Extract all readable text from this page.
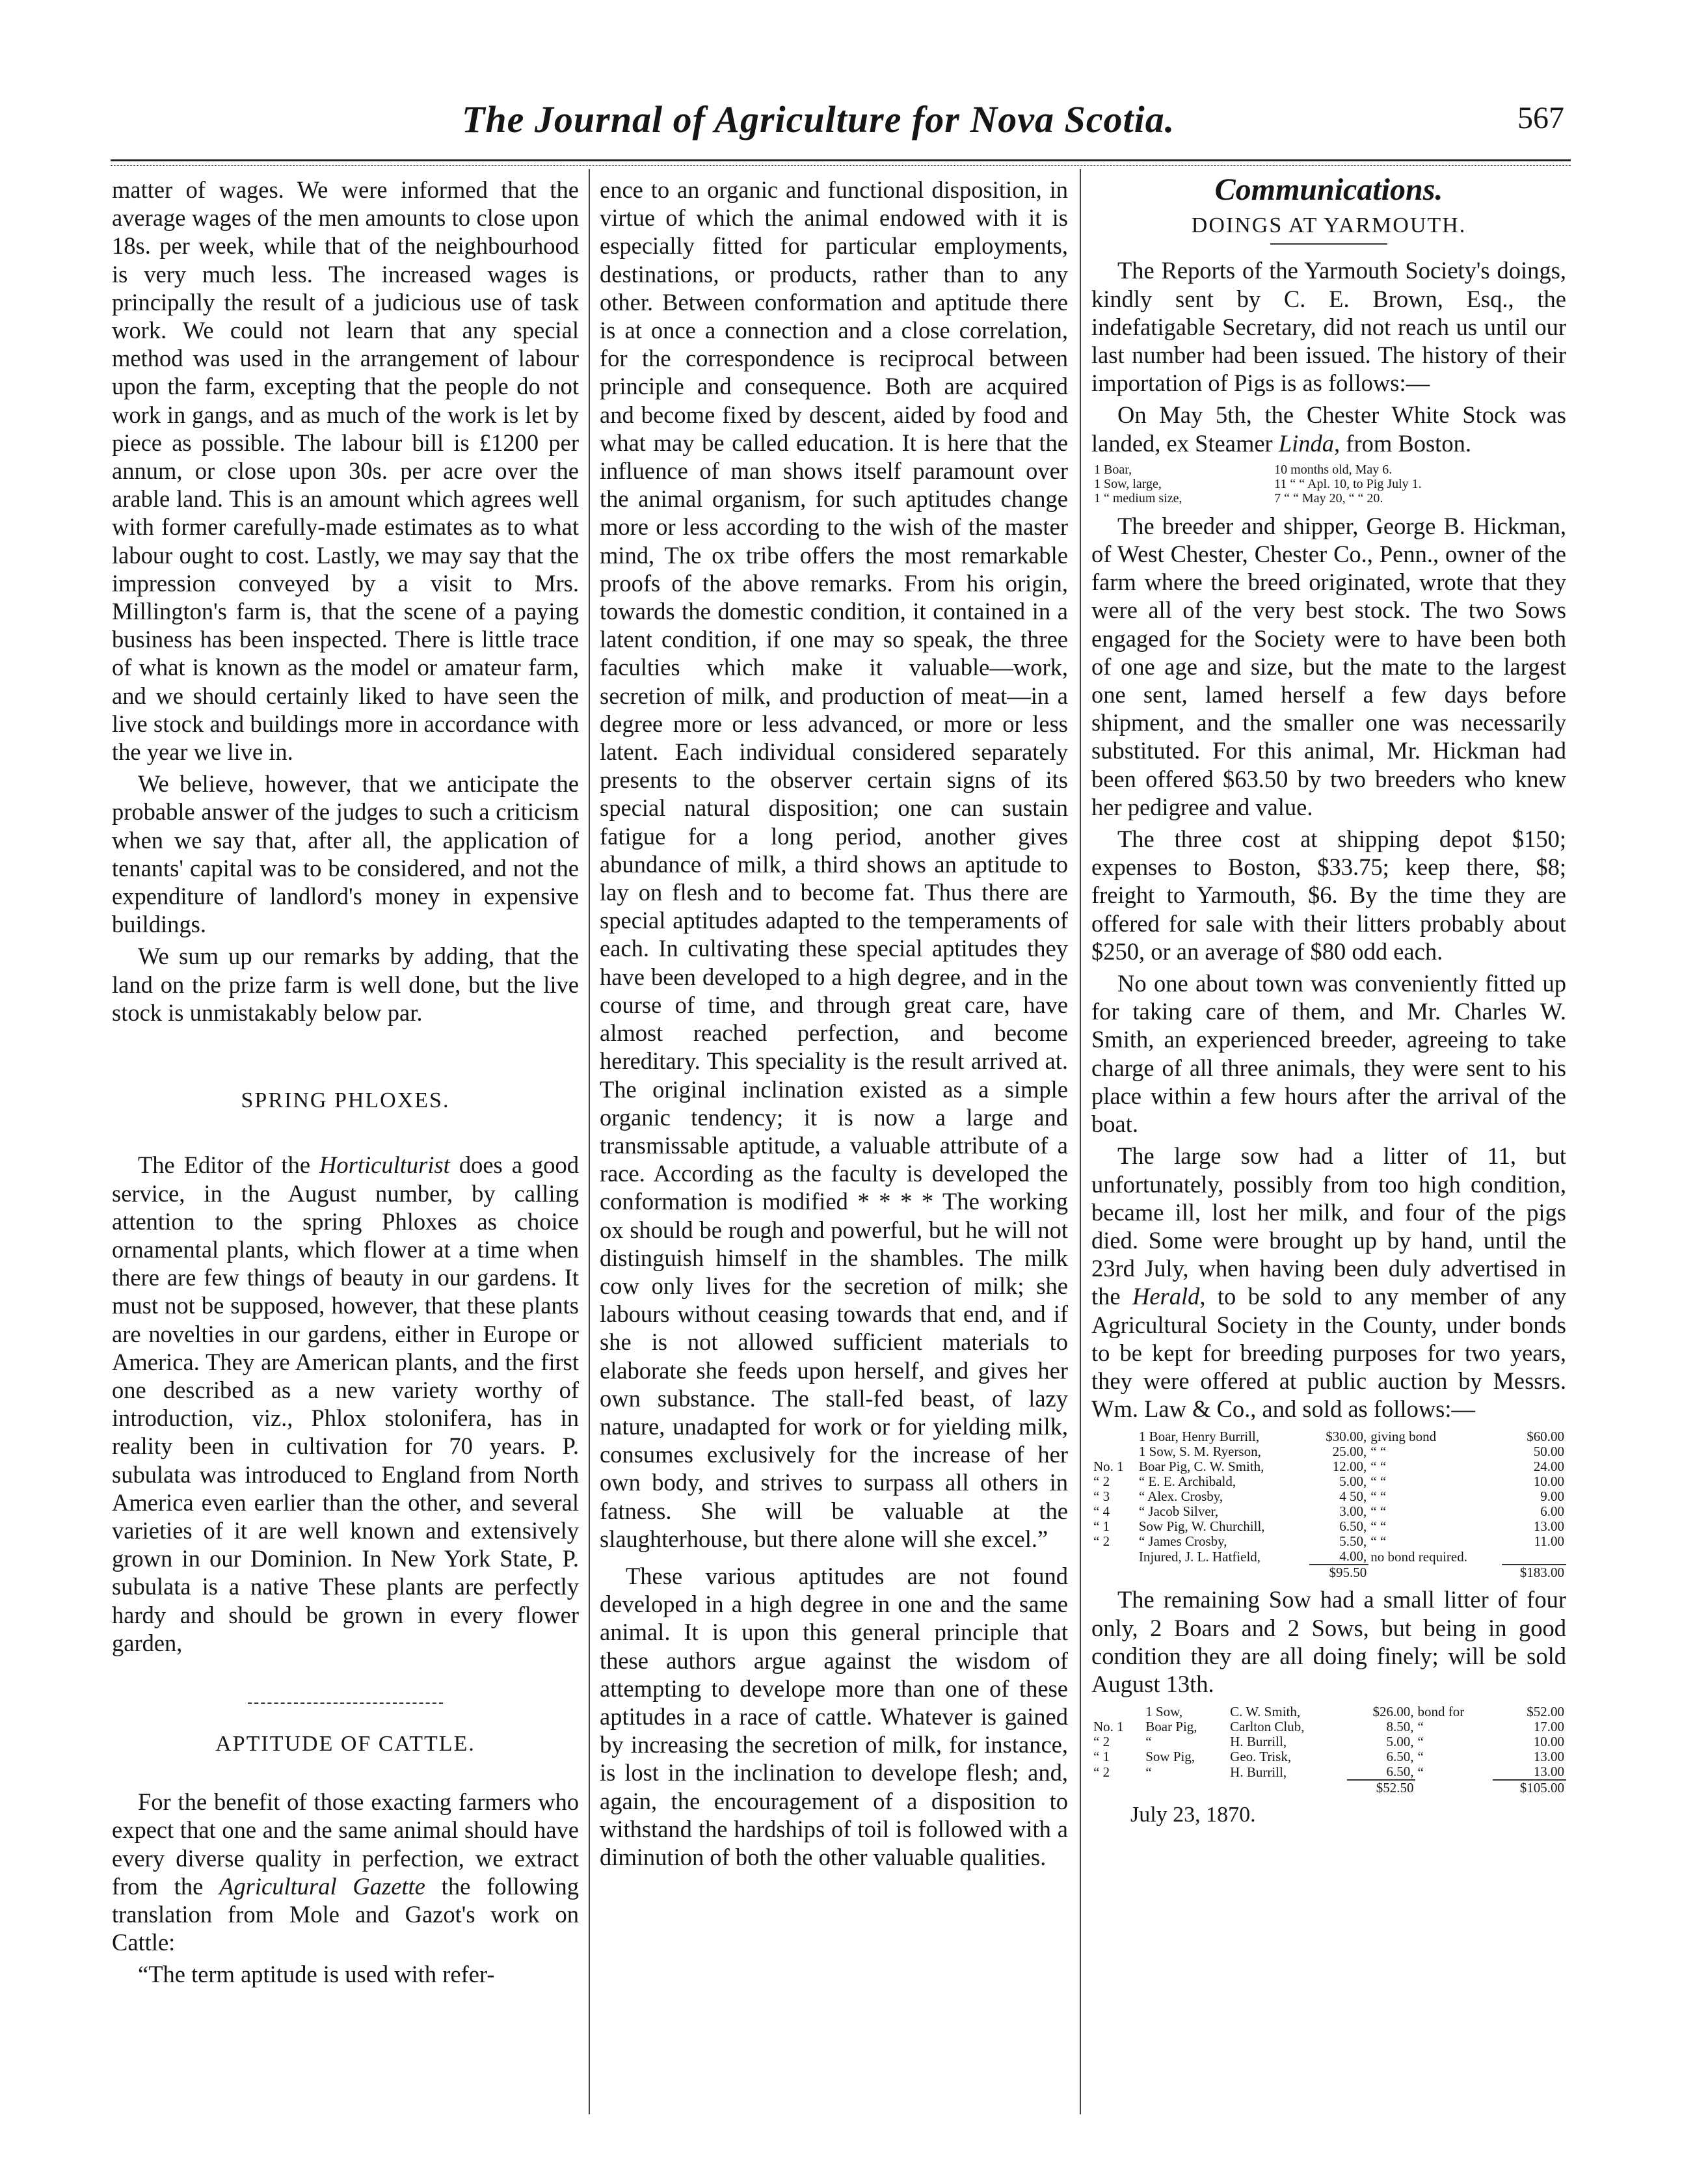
The Journal of Agriculture for Nova Scotia.	567

matter of wages. We were informed that the average wages of the men amounts to close upon 18s. per week, while that of the neighbourhood is very much less. The increased wages is principally the result of a judicious use of task work. We could not learn that any special method was used in the arrangement of labour upon the farm, excepting that the people do not work in gangs, and as much of the work is let by piece as possible. The labour bill is £1200 per annum, or close upon 30s. per acre over the arable land. This is an amount which agrees well with former carefully-made estimates as to what labour ought to cost. Lastly, we may say that the impression conveyed by a visit to Mrs. Millington's farm is, that the scene of a paying business has been inspected. There is little trace of what is known as the model or amateur farm, and we should certainly liked to have seen the live stock and buildings more in accordance with the year we live in.

We believe, however, that we anticipate the probable answer of the judges to such a criticism when we say that, after all, the application of tenants' capital was to be considered, and not the expenditure of landlord's money in expensive buildings.

We sum up our remarks by adding, that the land on the prize farm is well done, but the live stock is unmistakably below par.

SPRING PHLOXES.

The Editor of the Horticulturist does a good service, in the August number, by calling attention to the spring Phloxes as choice ornamental plants, which flower at a time when there are few things of beauty in our gardens. It must not be supposed, however, that these plants are novelties in our gardens, either in Europe or America. They are American plants, and the first one described as a new variety worthy of introduction, viz., Phlox stolonifera, has in reality been in cultivation for 70 years. P. subulata was introduced to England from North America even earlier than the other, and several varieties of it are well known and extensively grown in our Dominion. In New York State, P. subulata is a native These plants are perfectly hardy and should be grown in every flower garden,

APTITUDE OF CATTLE.

For the benefit of those exacting farmers who expect that one and the same animal should have every diverse quality in perfection, we extract from the Agricultural Gazette the following translation from Mole and Gazot's work on Cattle:

“The term aptitude is used with refer-

ence to an organic and functional disposition, in virtue of which the animal endowed with it is especially fitted for particular employments, destinations, or products, rather than to any other. Between conformation and aptitude there is at once a connection and a close correlation, for the correspondence is reciprocal between principle and consequence. Both are acquired and become fixed by descent, aided by food and what may be called education. It is here that the influence of man shows itself paramount over the animal organism, for such aptitudes change more or less according to the wish of the master mind, The ox tribe offers the most remarkable proofs of the above remarks. From his origin, towards the domestic condition, it contained in a latent condition, if one may so speak, the three faculties which make it valuable—work, secretion of milk, and production of meat—in a degree more or less advanced, or more or less latent. Each individual considered separately presents to the observer certain signs of its special natural disposition; one can sustain fatigue for a long period, another gives abundance of milk, a third shows an aptitude to lay on flesh and to become fat. Thus there are special aptitudes adapted to the temperaments of each. In cultivating these special aptitudes they have been developed to a high degree, and in the course of time, and through great care, have almost reached perfection, and become hereditary. This speciality is the result arrived at. The original inclination existed as a simple organic tendency; it is now a large and transmissable aptitude, a valuable attribute of a race. According as the faculty is developed the conformation is modified * * * * The working ox should be rough and powerful, but he will not distinguish himself in the shambles. The milk cow only lives for the secretion of milk; she labours without ceasing towards that end, and if she is not allowed sufficient materials to elaborate she feeds upon herself, and gives her own substance. The stall-fed beast, of lazy nature, unadapted for work or for yielding milk, consumes exclusively for the increase of her own body, and strives to surpass all others in fatness. She will be valuable at the slaughterhouse, but there alone will she excel.”

These various aptitudes are not found developed in a high degree in one and the same animal. It is upon this general principle that these authors argue against the wisdom of attempting to develope more than one of these aptitudes in a race of cattle. Whatever is gained by increasing the secretion of milk, for instance, is lost in the inclination to develope flesh; and, again, the encouragement of a disposition to withstand the hardships of toil is followed with a diminution of both the other valuable qualities.

Communications.
DOINGS AT YARMOUTH.

The Reports of the Yarmouth Society's doings, kindly sent by C. E. Brown, Esq., the indefatigable Secretary, did not reach us until our last number had been issued. The history of their importation of Pigs is as follows:—

On May 5th, the Chester White Stock was landed, ex Steamer Linda, from Boston.

1 Boar,	10 months old, May 6.
1 Sow, large,	11 “ “ Apl. 10, to Pig July 1.
1 “ medium size,	7 “ “ May 20, “ “ 20.

The breeder and shipper, George B. Hickman, of West Chester, Chester Co., Penn., owner of the farm where the breed originated, wrote that they were all of the very best stock. The two Sows engaged for the Society were to have been both of one age and size, but the mate to the largest one sent, lamed herself a few days before shipment, and the smaller one was necessarily substituted. For this animal, Mr. Hickman had been offered $63.50 by two breeders who knew her pedigree and value.

The three cost at shipping depot $150; expenses to Boston, $33.75; keep there, $8; freight to Yarmouth, $6. By the time they are offered for sale with their litters probably about $250, or an average of $80 odd each.

No one about town was conveniently fitted up for taking care of them, and Mr. Charles W. Smith, an experienced breeder, agreeing to take charge of all three animals, they were sent to his place within a few hours after the arrival of the boat.

The large sow had a litter of 11, but unfortunately, possibly from too high condition, became ill, lost her milk, and four of the pigs died. Some were brought up by hand, until the 23rd July, when having been duly advertised in the Herald, to be sold to any member of any Agricultural Society in the County, under bonds to be kept for breeding purposes for two years, they were offered at public auction by Messrs. Wm. Law & Co., and sold as follows:—

	1 Boar, Henry Burrill,	$30.00,	giving bond	$60.00
	1 Sow, S. M. Ryerson,	25.00,	“ “	50.00
No. 1	Boar Pig, C. W. Smith,	12.00,	“ “	24.00
“ 2	“ E. E. Archibald,	5.00,	“ “	10.00
“ 3	“ Alex. Crosby,	4 50,	“ “	9.00
“ 4	“ Jacob Silver,	3.00,	“ “	6.00
“ 1	Sow Pig, W. Churchill,	6.50,	“ “	13.00
“ 2	“ James Crosby,	5.50,	“ “	11.00
	Injured, J. L. Hatfield,	4.00,	no bond required.	
		$95.50		$183.00

The remaining Sow had a small litter of four only, 2 Boars and 2 Sows, but being in good condition they are all doing finely; will be sold August 13th.

	1 Sow,	C. W. Smith,	$26.00,	bond for	$52.00
No. 1	Boar Pig,	Carlton Club,	8.50,	“	17.00
“ 2	“	H. Burrill,	5.00,	“	10.00
“ 1	Sow Pig,	Geo. Trisk,	6.50,	“	13.00
“ 2	“	H. Burrill,	6.50,	“	13.00
			$52.50		$105.00
July 23, 1870.
